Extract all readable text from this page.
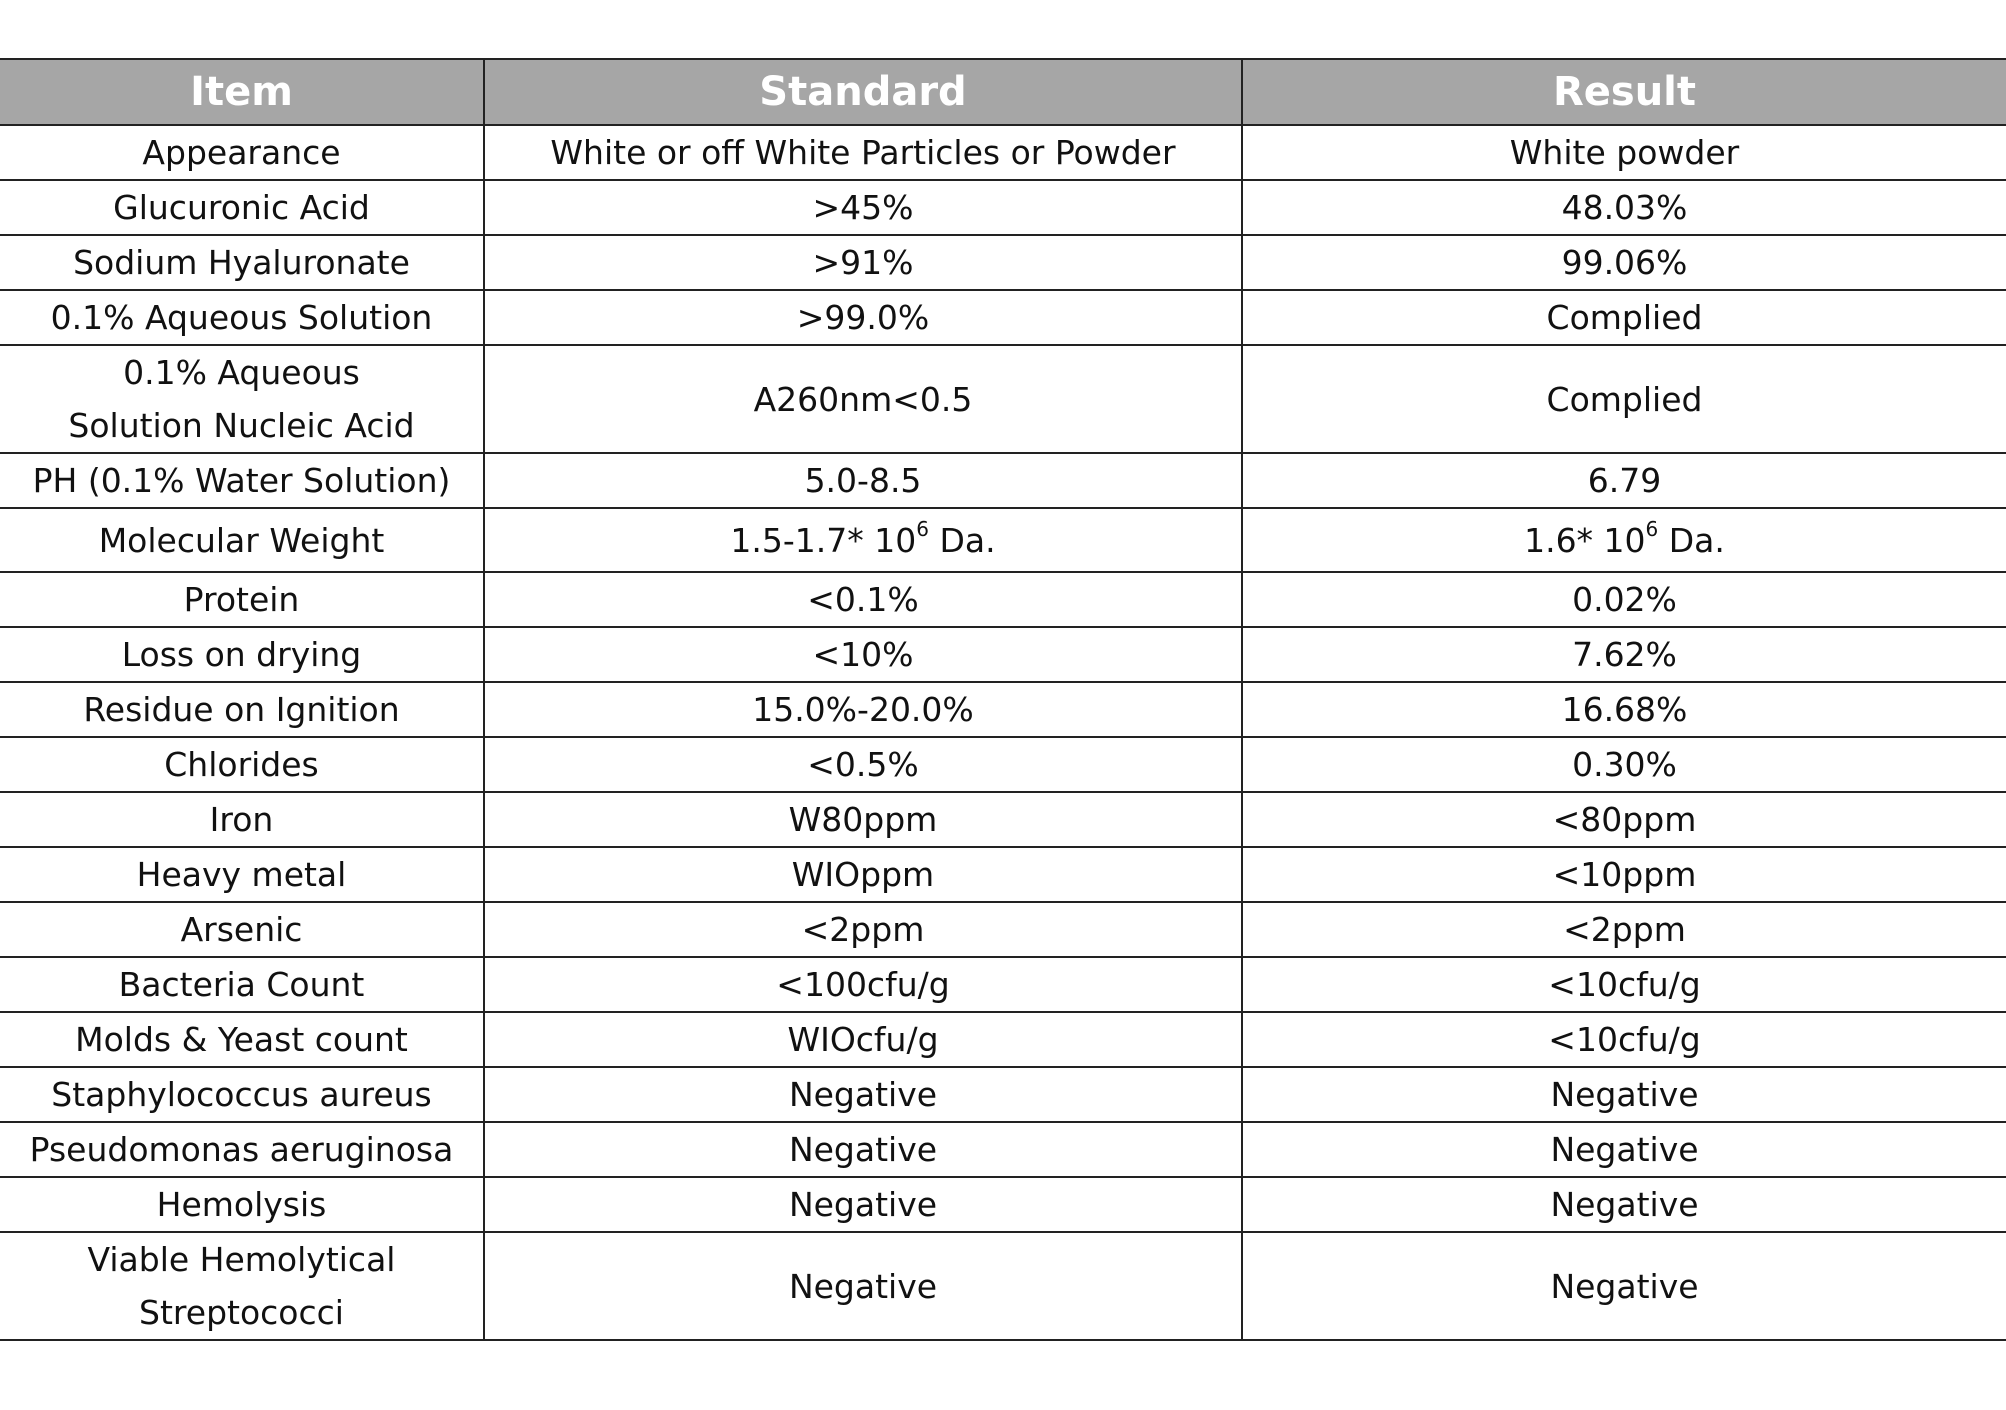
Item	Standard	Result
Appearance	White or off White Particles or Powder	White powder
Glucuronic Acid	>45%	48.03%
Sodium Hyaluronate	>91%	99.06%
0.1% Aqueous Solution	>99.0%	Complied
0.1% Aqueous
Solution Nucleic Acid	A260nm<0.5	Complied
PH (0.1% Water Solution)	5.0-8.5	6.79
Molecular Weight	1.5-1.7* $10^6$ Da.	1.6* $10^6$ Da.
Protein	<0.1%	0.02%
Loss on drying	<10%	7.62%
Residue on Ignition	15.0%-20.0%	16.68%
Chlorides	<0.5%	0.30%
Iron	W80ppm	<80ppm
Heavy metal	WIOppm	<10ppm
Arsenic	<2ppm	<2ppm
Bacteria Count	<100cfu/g	<10cfu/g
Molds & Yeast count	WIOcfu/g	<10cfu/g
Staphylococcus aureus	Negative	Negative
Pseudomonas aeruginosa	Negative	Negative
Hemolysis	Negative	Negative
Viable Hemolytical
Streptococci	Negative	Negative
